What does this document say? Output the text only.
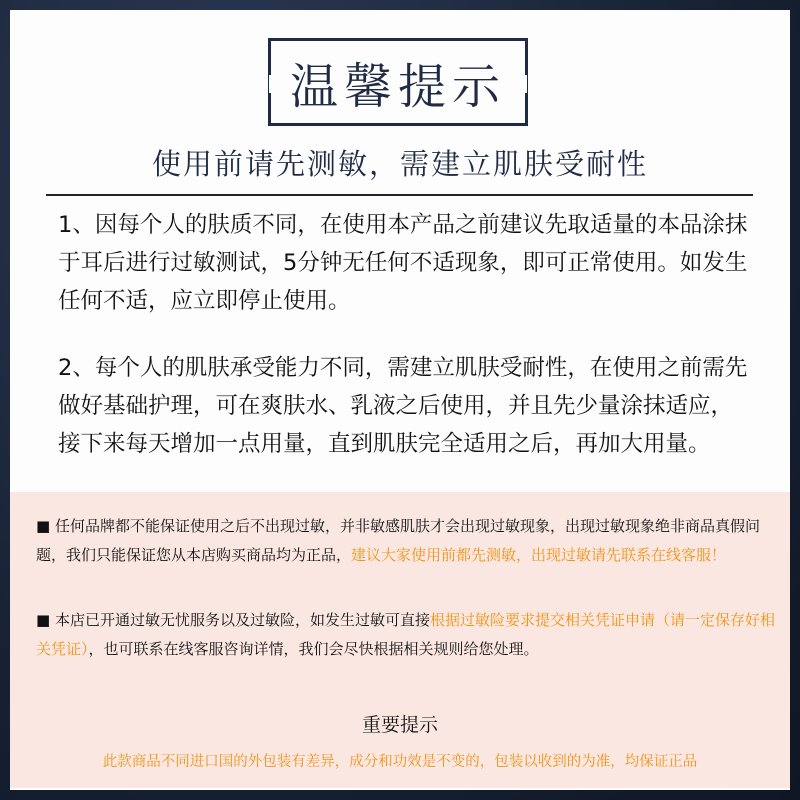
温馨提示
使用前请先测敏，需建立肌肤受耐性
1、因每个人的肤质不同，在使用本产品之前建议先取适量的本品涂抹于耳后进行过敏测试，5分钟无任何不适现象，即可正常使用。如发生任何不适，应立即停止使用。
2、每个人的肌肤承受能力不同，需建立肌肤受耐性，在使用之前需先做好基础护理，可在爽肤水、乳液之后使用，并且先少量涂抹适应，接下来每天增加一点用量，直到肌肤完全适用之后，再加大用量。
■ 任何品牌都不能保证使用之后不出现过敏，并非敏感肌肤才会出现过敏现象，出现过敏现象绝非商品真假问题，我们只能保证您从本店购买商品均为正品，建议大家使用前都先测敏，出现过敏请先联系在线客服！
■ 本店已开通过敏无忧服务以及过敏险，如发生过敏可直接根据过敏险要求提交相关凭证申请（请一定保存好相关凭证），也可联系在线客服咨询详情，我们会尽快根据相关规则给您处理。
重要提示
此款商品不同进口国的外包装有差异，成分和功效是不变的，包装以收到的为准，均保证正品
